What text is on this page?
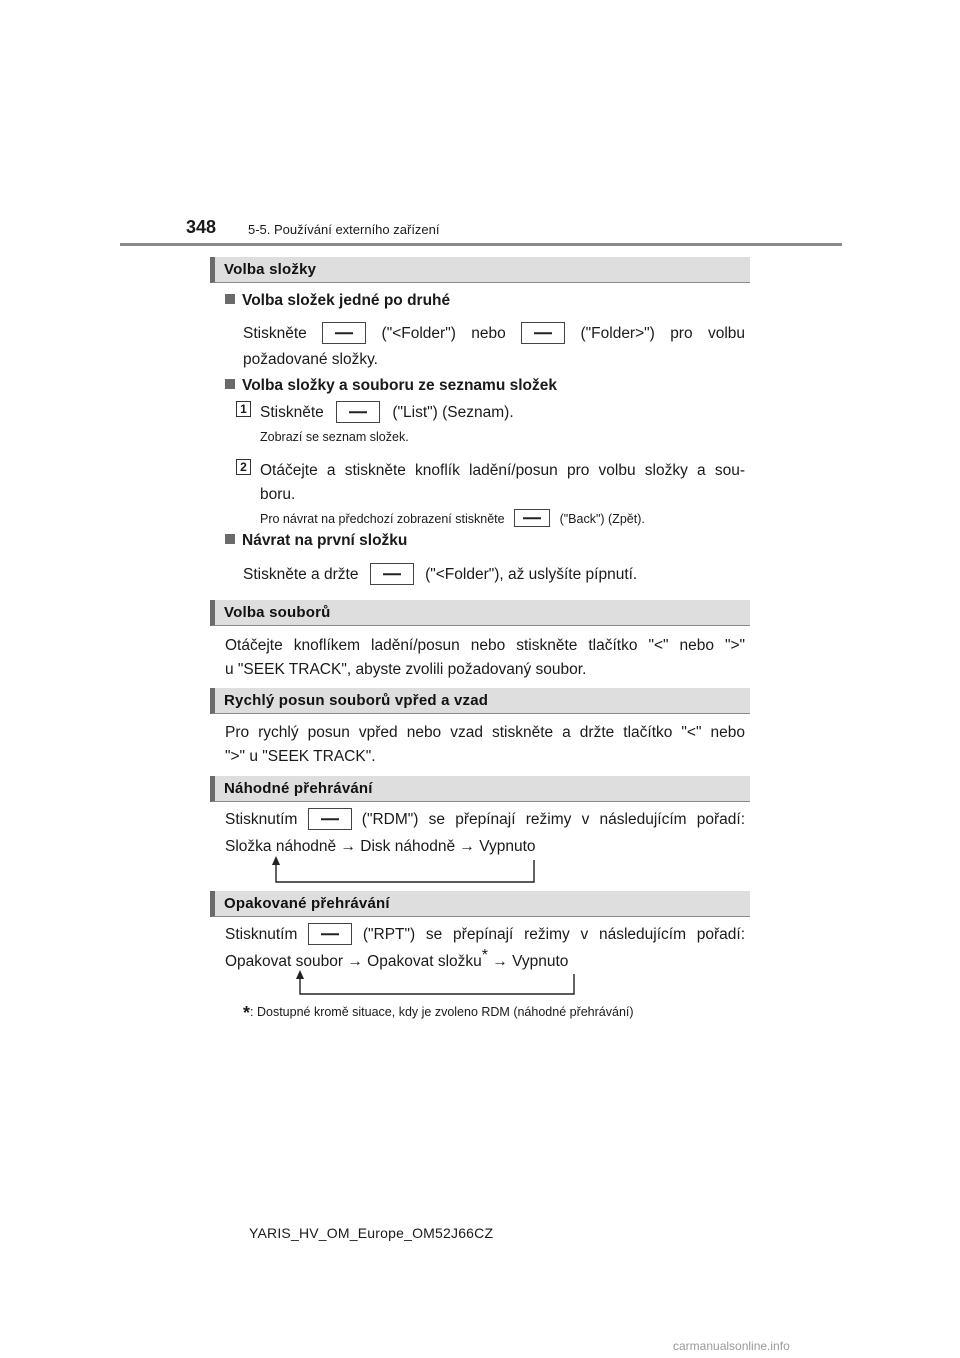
348 5-5. Používání externího zařízení
Volba složky
Volba složek jedné po druhé
Stiskněte	("<Folder") nebo	("Folder>") pro volbu
požadované složky.
Volba složky a souboru ze seznamu složek
1 Stiskněte	("List") (Seznam).
Zobrazí se seznam složek.
2 Otáčejte a stiskněte knoflík ladění/posun pro volbu složky a sou-
boru.
Pro návrat na předchozí zobrazení stiskněte	("Back") (Zpět).
Návrat na první složku
Stiskněte a držte	("<Folder"), až uslyšíte pípnutí.
Volba souborů
Otáčejte knoflíkem ladění/posun nebo stiskněte tlačítko "<" nebo ">"
u "SEEK TRACK", abyste zvolili požadovaný soubor.
Rychlý posun souborů vpřed a vzad
Pro rychlý posun vpřed nebo vzad stiskněte a držte tlačítko "<" nebo
">" u "SEEK TRACK".
Náhodné přehrávání
Stisknutím	("RDM") se přepínají režimy v následujícím pořadí:
Složka náhodně → Disk náhodně → Vypnuto
Opakované přehrávání
Stisknutím	("RPT") se přepínají režimy v následujícím pořadí:
Opakovat soubor → Opakovat složku* → Vypnuto
*: Dostupné kromě situace, kdy je zvoleno RDM (náhodné přehrávání)
YARIS_HV_OM_Europe_OM52J66CZ
carmanualsonline.info
